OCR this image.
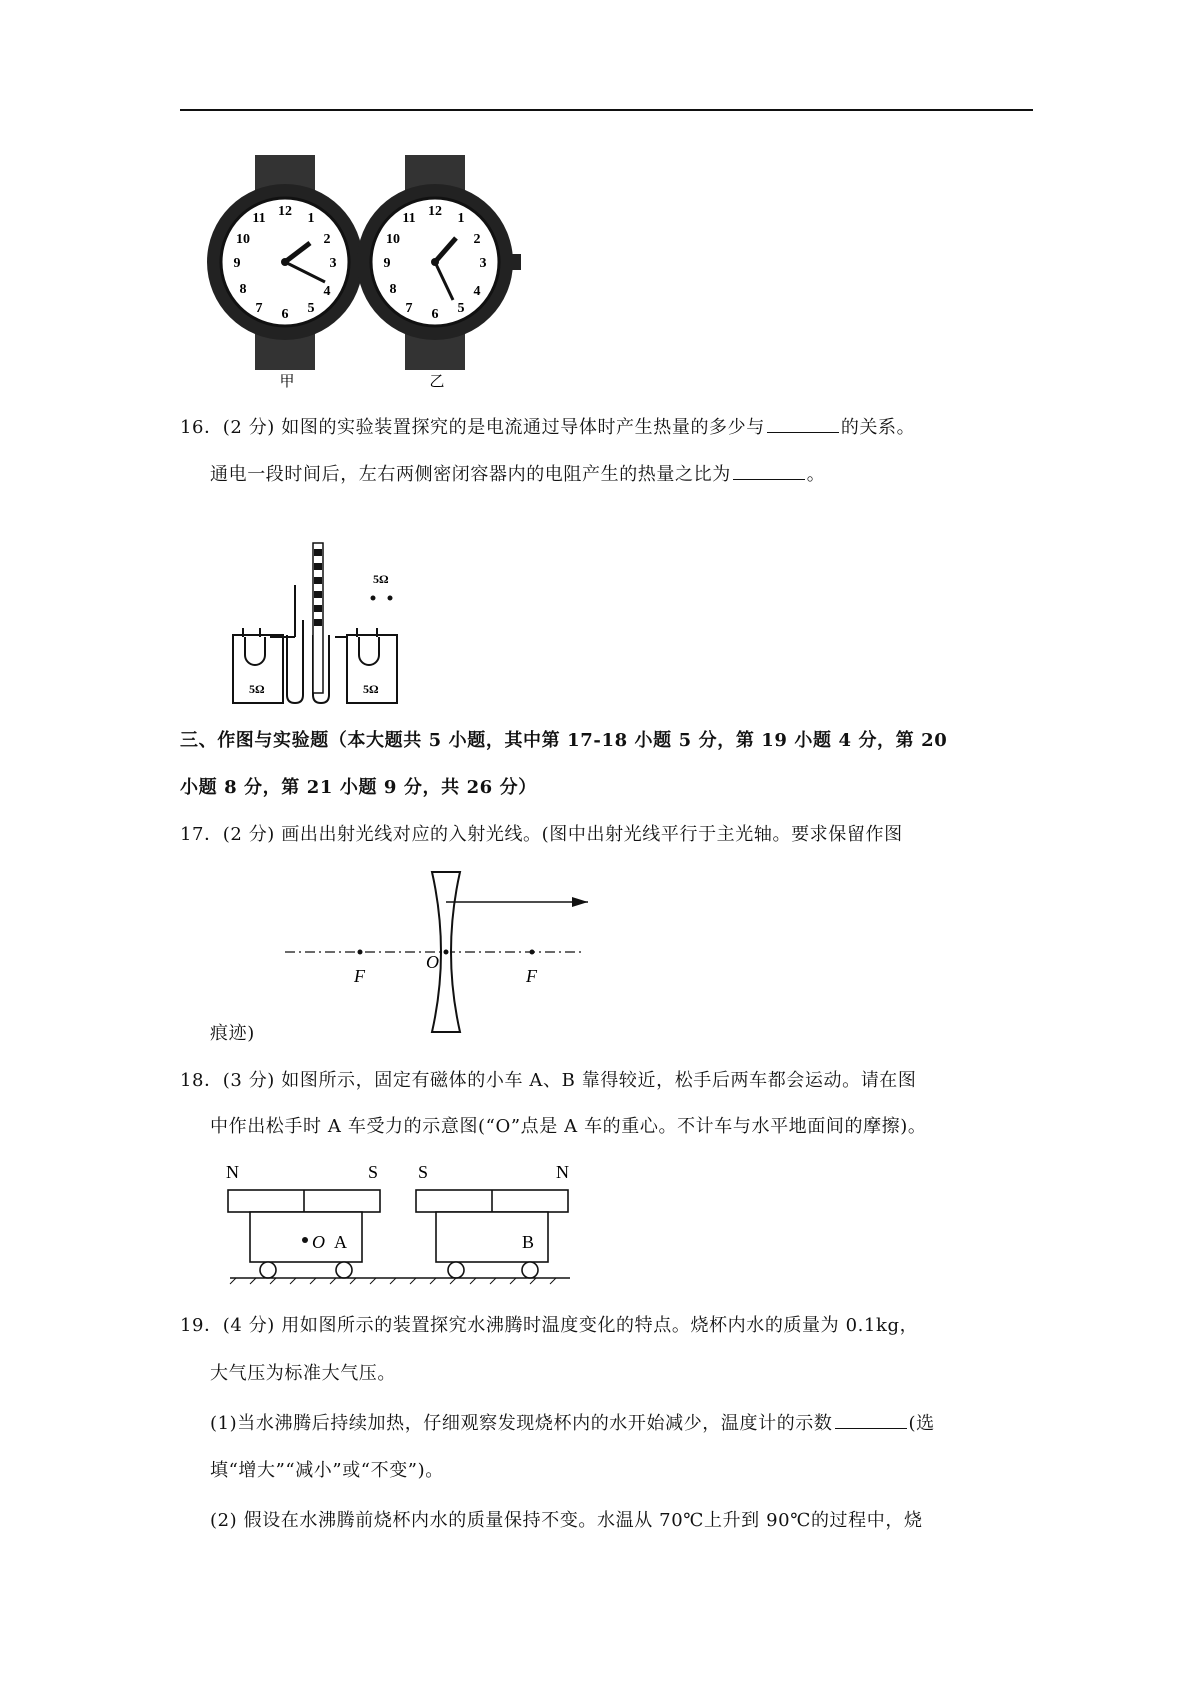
12
3
6
9
1
2
4
5
7
8
10
11	12
3
6
9
1
2
4
5
7
8
10
11
甲	乙
16．(2 分) 如图的实验装置探究的是电流通过导体时产生热量的多少与	的关系。
通电一段时间后，左右两侧密闭容器内的电阻产生的热量之比为	。
5Ω
5Ω
5Ω
三、作图与实验题（本大题共 5 小题，其中第 17-18 小题 5 分，第 19 小题 4 分，第 20
小题 8 分，第 21 小题 9 分，共 26 分）
17．(2 分) 画出出射光线对应的入射光线。(图中出射光线平行于主光轴。要求保留作图
F
O
F
痕迹)
18．(3 分) 如图所示，固定有磁体的小车 A、B 靠得较近，松手后两车都会运动。请在图
中作出松手时 A 车受力的示意图(“O”点是 A 车的重心。不计车与水平地面间的摩擦)。
N	S S	N
O A	B
19．(4 分) 用如图所示的装置探究水沸腾时温度变化的特点。烧杯内水的质量为 0.1kg，
大气压为标准大气压。
(1)当水沸腾后持续加热，仔细观察发现烧杯内的水开始减少，温度计的示数	(选
填“增大”“减小”或“不变”)。
(2) 假设在水沸腾前烧杯内水的质量保持不变。水温从 70℃上升到 90℃的过程中，烧
